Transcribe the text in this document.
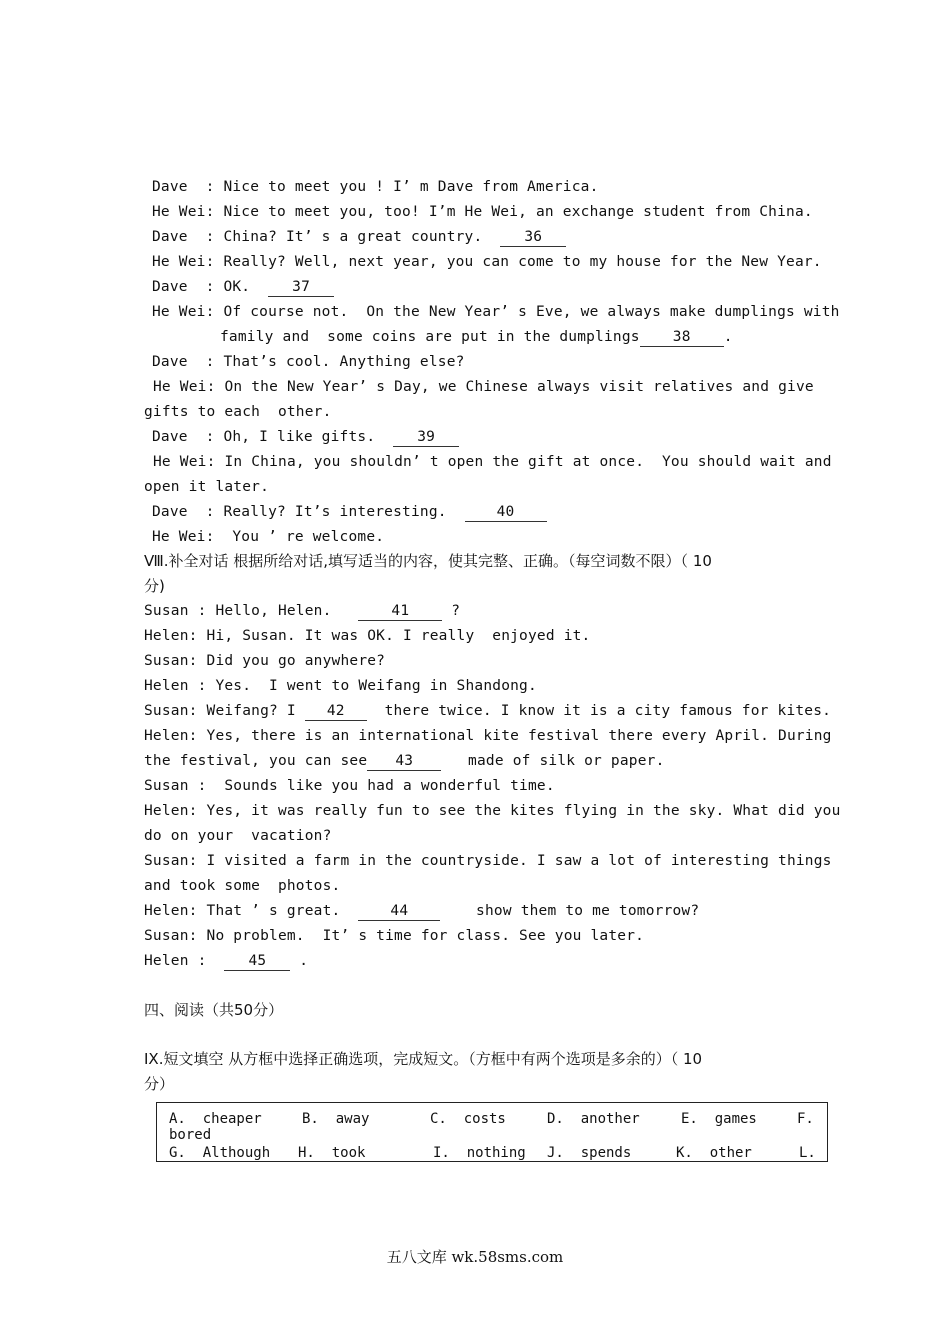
Dave  : Nice to meet you ! I’ m Dave from America.
He Wei: Nice to meet you, too! I’m He Wei, an exchange student from China.
Dave  : China? It’ s a great country.  36
He Wei: Really? Well, next year, you can come to my house for the New Year.
Dave  : OK.  37
He Wei: Of course not.  On the New Year’ s Eve, we always make dumplings with
family and  some coins are put in the dumplings 38 .
Dave  : That’s cool. Anything else?
He Wei: On the New Year’ s Day, we Chinese always visit relatives and give
gifts to each  other.
Dave  : Oh, I like gifts.  39
He Wei: In China, you shouldn’ t open the gift at once.  You should wait and
open it later.
Dave  : Really? It’s interesting.  40
He Wei:  You ’ re welcome.
Ⅷ.补全对话 根据所给对话,填写适当的内容，使其完整、正确。（每空词数不限）（ 10
分)
Susan : Hello, Helen.   41 ?
Helen: Hi, Susan. It was OK. I really  enjoyed it.
Susan: Did you go anywhere?
Helen : Yes.  I went to Weifang in Shandong.
Susan: Weifang? I 42  there twice. I know it is a city famous for kites.
Helen: Yes, there is an international kite festival there every April. During
the festival, you can see 43   made of silk or paper.
Susan :  Sounds like you had a wonderful time.
Helen: Yes, it was really fun to see the kites flying in the sky. What did you
do on your  vacation?
Susan: I visited a farm in the countryside. I saw a lot of interesting things
and took some  photos.
Helen: That ’ s great.  44    show them to me tomorrow?
Susan: No problem.  It’ s time for class. See you later.
Helen :  45 .
四、阅读（共50分）
IX.短文填空 从方框中选择正确选项，完成短文。（方框中有两个选项是多余的）（ 10
分）
A.  cheaper	B.  away	C.  costs	D.  another	E.  games	F.
bored
G.  Although H.  took	I.  nothing J.  spends	K.  other	L.
五八文库 wk.58sms.com
